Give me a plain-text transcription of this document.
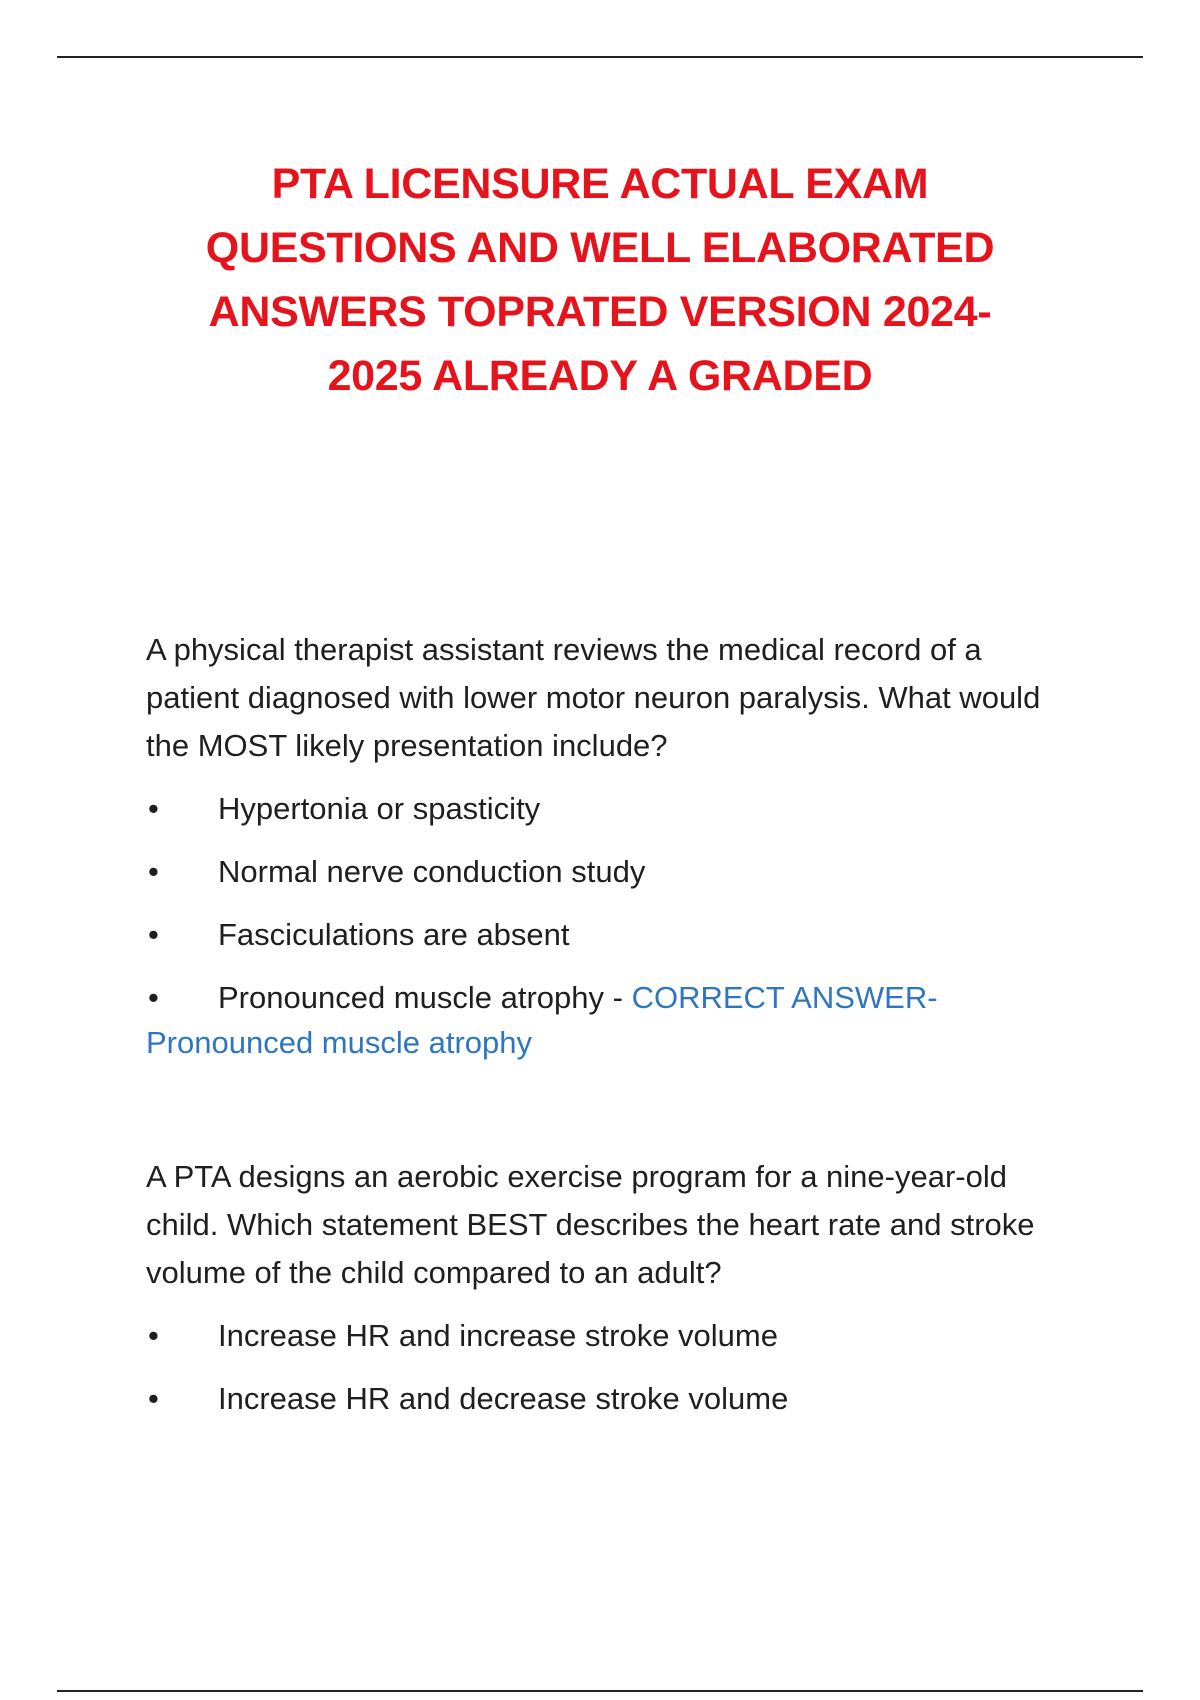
PTA LICENSURE ACTUAL EXAM
QUESTIONS AND WELL ELABORATED
ANSWERS TOPRATED VERSION 2024-
2025 ALREADY A GRADED

A physical therapist assistant reviews the medical record of a patient diagnosed with lower motor neuron paralysis. What would the MOST likely presentation include?

• Hypertonia or spasticity
• Normal nerve conduction study
• Fasciculations are absent
• Pronounced muscle atrophy - CORRECT ANSWER- Pronounced muscle atrophy

A PTA designs an aerobic exercise program for a nine-year-old child. Which statement BEST describes the heart rate and stroke volume of the child compared to an adult?

• Increase HR and increase stroke volume
• Increase HR and decrease stroke volume
